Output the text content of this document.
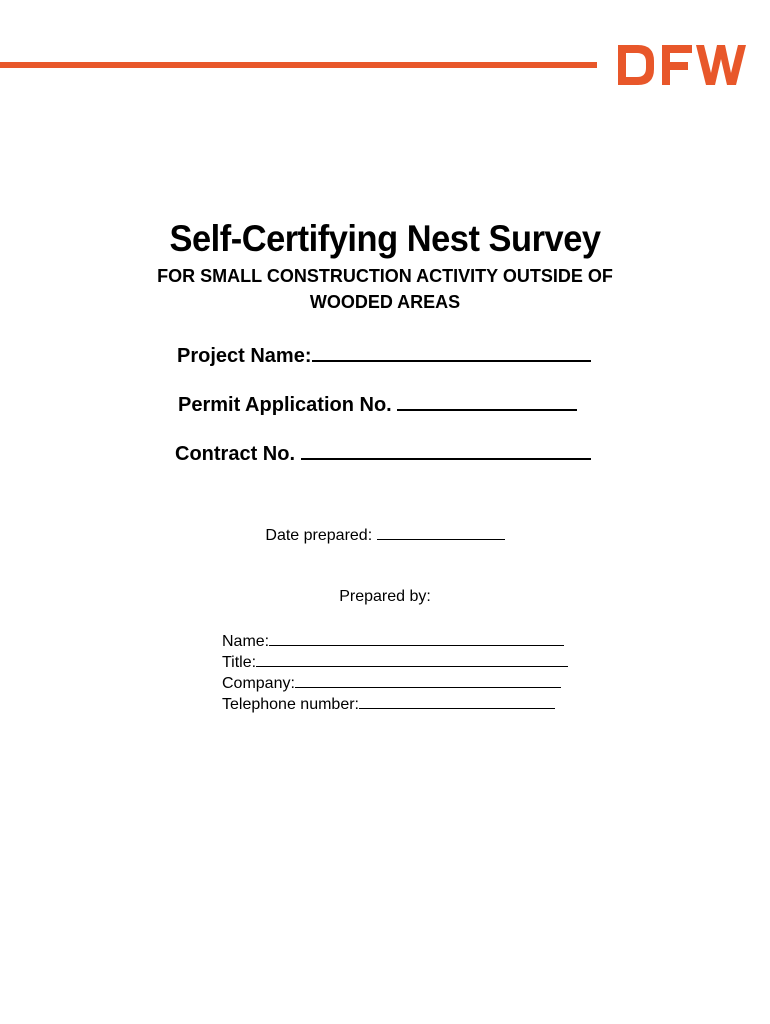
Self-Certifying Nest Survey
FOR SMALL CONSTRUCTION ACTIVITY OUTSIDE OF
WOODED AREAS
Project Name:
Permit Application No.
Contract No.
Date prepared:
Prepared by:
Name:
Title:
Company:
Telephone number:
